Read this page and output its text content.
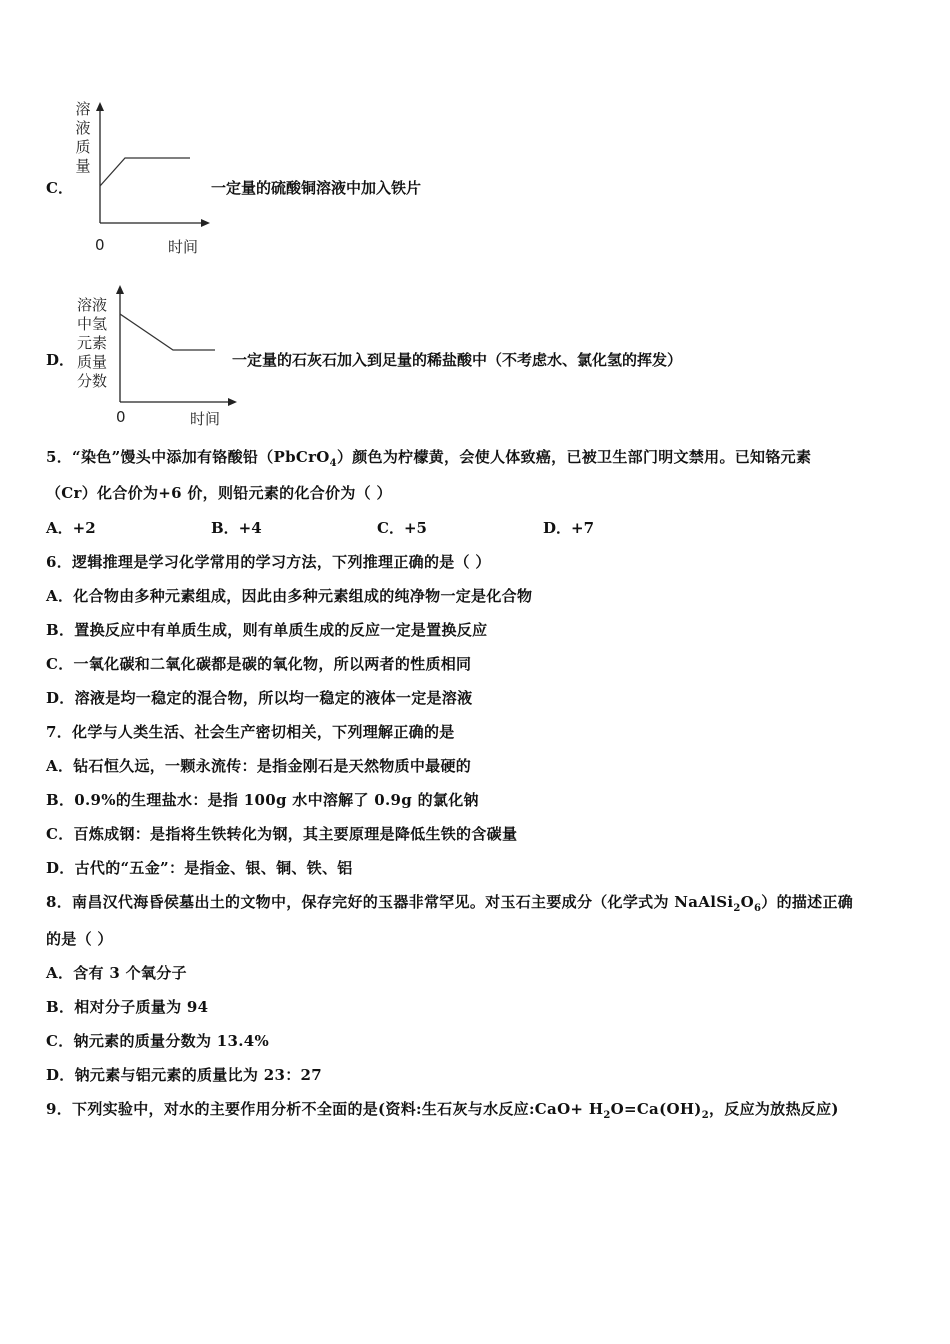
C．
溶
液
质
量
0	时间
一定量的硫酸铜溶液中加入铁片
D．
溶液
中氢
元素
质量
分数
0	时间
一定量的石灰石加入到足量的稀盐酸中（不考虑水、氯化氢的挥发）
5．“染色”馒头中添加有铬酸铅（PbCrO$_4$）颜色为柠檬黄，会使人体致癌，已被卫生部门明文禁用。已知铬元素
（Cr）化合价为+6 价，则铅元素的化合价为（ ）
A．+2	B．+4	C．+5	D．+7
6．逻辑推理是学习化学常用的学习方法，下列推理正确的是（ ）
A．化合物由多种元素组成，因此由多种元素组成的纯净物一定是化合物
B．置换反应中有单质生成，则有单质生成的反应一定是置换反应
C．一氧化碳和二氧化碳都是碳的氧化物，所以两者的性质相同
D．溶液是均一稳定的混合物，所以均一稳定的液体一定是溶液
7．化学与人类生活、社会生产密切相关，下列理解正确的是
A．钻石恒久远，一颗永流传：是指金刚石是天然物质中最硬的
B．0.9%的生理盐水：是指 100g 水中溶解了 0.9g 的氯化钠
C．百炼成钢：是指将生铁转化为钢，其主要原理是降低生铁的含碳量
D．古代的“五金”：是指金、银、铜、铁、铝
8．南昌汉代海昏侯墓出土的文物中，保存完好的玉器非常罕见。对玉石主要成分（化学式为 $NaAlSi_2O_6$）的描述正确
的是（ ）
A．含有 3 个氧分子
B．相对分子质量为 94
C．钠元素的质量分数为 13.4%
D．钠元素与铝元素的质量比为 23：27
9．下列实验中，对水的主要作用分析不全面的是(资料:生石灰与水反应:CaO+ $H_2O=Ca(OH)_2$，反应为放热反应)
